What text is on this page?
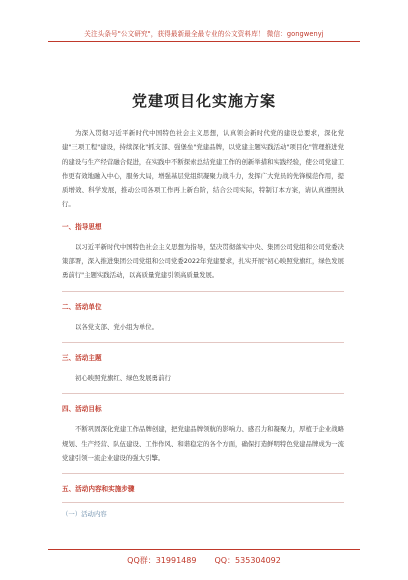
关注头条号"公文研究"，获得最新最全最专业的公文资料库！ 微信：gongwenyj
党建项目化实施方案

为深入贯彻习近平新时代中国特色社会主义思想，认真领会新时代党的建设总要求，深化党建"三项工程"建设，持续深化"抓支部、强堡垒"党建品牌，以党建主题实践活动"项目化"管理推进党的建设与生产经营融合促进，在实践中不断探索总结党建工作的创新举措和实践经验，使公司党建工作更有效地融入中心，服务大局，增强基层党组织凝聚力战斗力，发挥广大党员的先锋模范作用，提质增效、科学发展，推动公司各项工作再上新台阶，结合公司实际，特制订本方案，请认真遵照执行。

一、指导思想

以习近平新时代中国特色社会主义思想为指导，坚决贯彻落实中央、集团公司党组和公司党委决策部署，深入推进集团公司党组和公司党委2022年党建要求，扎实开展"初心映照党旗红，绿色发展勇前行"主题实践活动，以高质量党建引领高质量发展。

二、活动单位

以各党支部、党小组为单位。

三、活动主题

初心映照党旗红、绿色发展勇前行

四、活动目标

不断巩固深化党建工作品牌创建，把党建品牌领航的影响力、感召力和凝聚力，厚植于企业战略规划、生产经营、队伍建设、工作作风、和谐稳定的各个方面，确保打造鲜明特色党建品牌成为一流党建引领一流企业建设的强大引擎。

五、活动内容和实施步骤
（一）活动内容
QQ群：31991489 QQ：535304092
